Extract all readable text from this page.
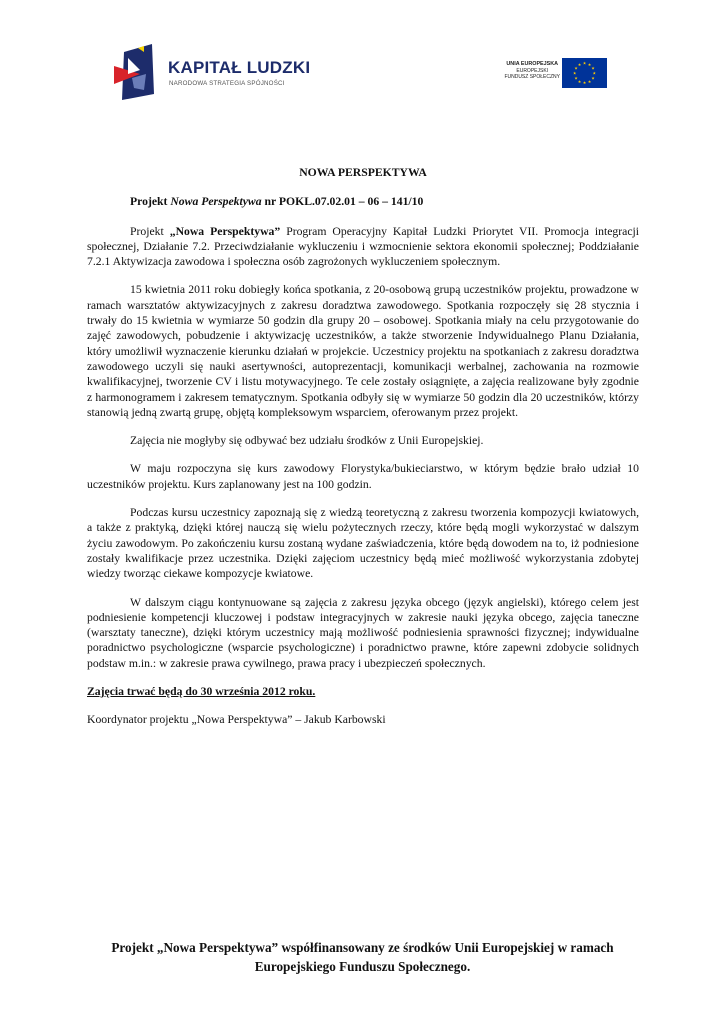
KAPITAŁ LUDZKI
NARODOWA STRATEGIA SPÓJNOŚCI
UNIA EUROPEJSKA
EUROPEJSKI
FUNDUSZ SPOŁECZNY
★ ★
★
★
★
★
★
★
★
★
★
★
NOWA PERSPEKTYWA
Projekt Nowa Perspektywa nr POKL.07.02.01 – 06 – 141/10

Projekt „Nowa Perspektywa” Program Operacyjny Kapitał Ludzki Priorytet VII. Promocja integracji społecznej, Działanie 7.2. Przeciwdziałanie wykluczeniu i wzmocnienie sektora ekonomii społecznej; Poddziałanie 7.2.1 Aktywizacja zawodowa i społeczna osób zagrożonych wykluczeniem społecznym.

15 kwietnia 2011 roku dobiegły końca spotkania, z 20-osobową grupą uczestników projektu, prowadzone w ramach warsztatów aktywizacyjnych z zakresu doradztwa zawodowego. Spotkania rozpoczęły się 28 stycznia i trwały do 15 kwietnia w wymiarze 50 godzin dla grupy 20 – osobowej. Spotkania miały na celu przygotowanie do zajęć zawodowych, pobudzenie i aktywizację uczestników, a także stworzenie Indywidualnego Planu Działania, który umożliwił wyznaczenie kierunku działań w projekcie. Uczestnicy projektu na spotkaniach z zakresu doradztwa zawodowego uczyli się nauki asertywności, autoprezentacji, komunikacji werbalnej, zachowania na rozmowie kwalifikacyjnej, tworzenie CV i listu motywacyjnego. Te cele zostały osiągnięte, a zajęcia realizowane były zgodnie z harmonogramem i zakresem tematycznym. Spotkania odbyły się w wymiarze 50 godzin dla 20 uczestników, którzy stanowią jedną zwartą grupę, objętą kompleksowym wsparciem, oferowanym przez projekt.

Zajęcia nie mogłyby się odbywać bez udziału środków z Unii Europejskiej.

W maju rozpoczyna się kurs zawodowy Florystyka/bukieciarstwo, w którym będzie brało udział 10 uczestników projektu. Kurs zaplanowany jest na 100 godzin.

Podczas kursu uczestnicy zapoznają się z wiedzą teoretyczną z zakresu tworzenia kompozycji kwiatowych, a także z praktyką, dzięki której nauczą się wielu pożytecznych rzeczy, które będą mogli wykorzystać w dalszym życiu zawodowym. Po zakończeniu kursu zostaną wydane zaświadczenia, które będą dowodem na to, iż podniesione zostały kwalifikacje przez uczestnika. Dzięki zajęciom uczestnicy będą mieć możliwość wykorzystania zdobytej wiedzy tworząc ciekawe kompozycje kwiatowe.

W dalszym ciągu kontynuowane są zajęcia z zakresu języka obcego (język angielski), którego celem jest podniesienie kompetencji kluczowej i podstaw integracyjnych w zakresie nauki języka obcego, zajęcia taneczne (warsztaty taneczne), dzięki którym uczestnicy mają możliwość podniesienia sprawności fizycznej; indywidualne poradnictwo psychologiczne (wsparcie psychologiczne) i poradnictwo prawne, które zapewni zdobycie solidnych podstaw m.in.: w zakresie prawa cywilnego, prawa pracy i ubezpieczeń społecznych.

Zajęcia trwać będą do 30 września 2012 roku.
Koordynator projektu „Nowa Perspektywa” – Jakub Karbowski
Projekt „Nowa Perspektywa” współfinansowany ze środków Unii Europejskiej w ramach
Europejskiego Funduszu Społecznego.
